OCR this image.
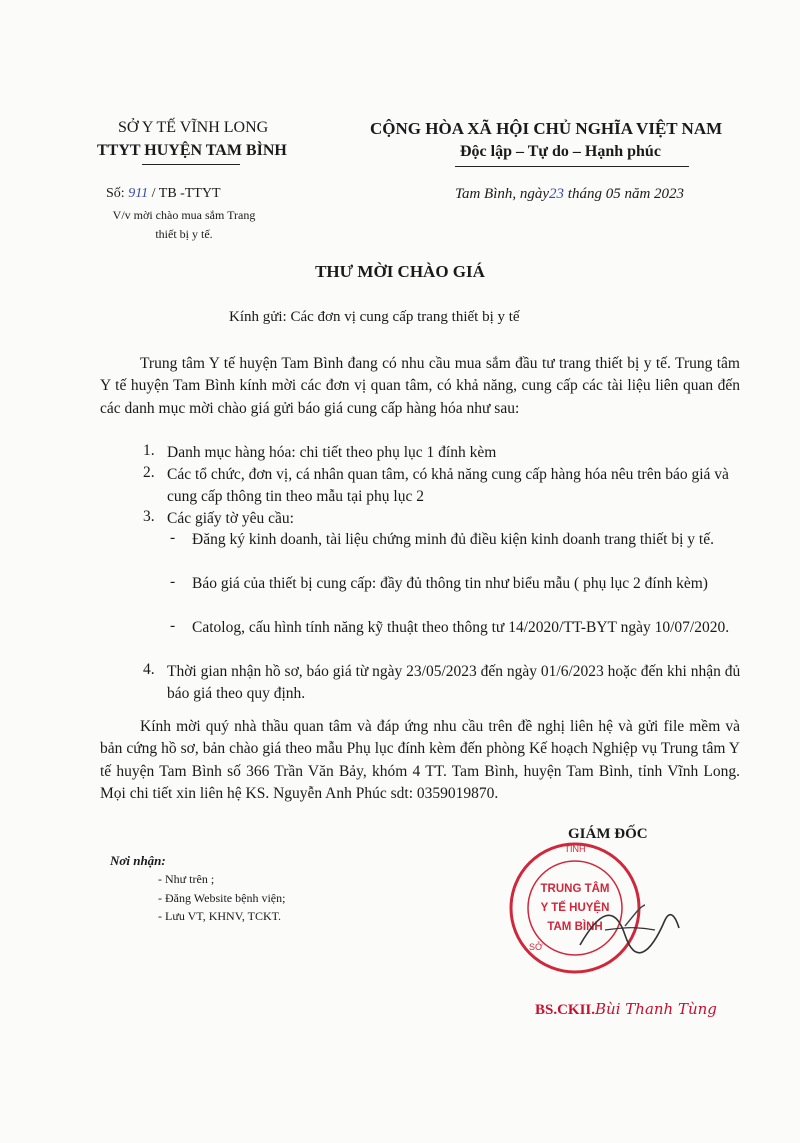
SỞ Y TẾ VĨNH LONG
TTYT HUYỆN TAM BÌNH
CỘNG HÒA XÃ HỘI CHỦ NGHĨA VIỆT NAM
Độc lập – Tự do – Hạnh phúc
Số: 911 / TB -TTYT
V/v mời chào mua sắm Trang
thiết bị y tế.
Tam Bình, ngày23 tháng 05 năm 2023
THƯ MỜI CHÀO GIÁ
Kính gửi: Các đơn vị cung cấp trang thiết bị y tế
Trung tâm Y tế huyện Tam Bình đang có nhu cầu mua sắm đầu tư trang thiết bị y tế. Trung tâm Y tế huyện Tam Bình kính mời các đơn vị quan tâm, có khả năng, cung cấp các tài liệu liên quan đến các danh mục mời chào giá gửi báo giá cung cấp hàng hóa như sau:
1. Danh mục hàng hóa: chi tiết theo phụ lục 1 đính kèm
2. Các tổ chức, đơn vị, cá nhân quan tâm, có khả năng cung cấp hàng hóa nêu trên báo giá và cung cấp thông tin theo mẫu tại phụ lục 2
3. Các giấy tờ yêu cầu:
- Đăng ký kinh doanh, tài liệu chứng minh đủ điều kiện kinh doanh trang thiết bị y tế.
- Báo giá của thiết bị cung cấp: đầy đủ thông tin như biểu mẫu ( phụ lục 2 đính kèm)
- Catolog, cấu hình tính năng kỹ thuật theo thông tư 14/2020/TT-BYT ngày 10/07/2020.
4. Thời gian nhận hồ sơ, báo giá từ ngày 23/05/2023 đến ngày 01/6/2023 hoặc đến khi nhận đủ báo giá theo quy định.
Kính mời quý nhà thầu quan tâm và đáp ứng nhu cầu trên đề nghị liên hệ và gửi file mềm và bản cứng hồ sơ, bản chào giá theo mẫu Phụ lục đính kèm đến phòng Kế hoạch Nghiệp vụ Trung tâm Y tế huyện Tam Bình số 366 Trần Văn Bảy, khóm 4 TT. Tam Bình, huyện Tam Bình, tỉnh Vĩnh Long. Mọi chi tiết xin liên hệ KS. Nguyễn Anh Phúc sdt: 0359019870.
Nơi nhận:
- Như trên ;
- Đăng Website bệnh viện;
- Lưu VT, KHNV, TCKT.
GIÁM ĐỐC
TỈNH
SỞ
TRUNG TÂM
Y TẾ HUYỆN
TAM BÌNH
BS.CKII.Bùi Thanh Tùng
